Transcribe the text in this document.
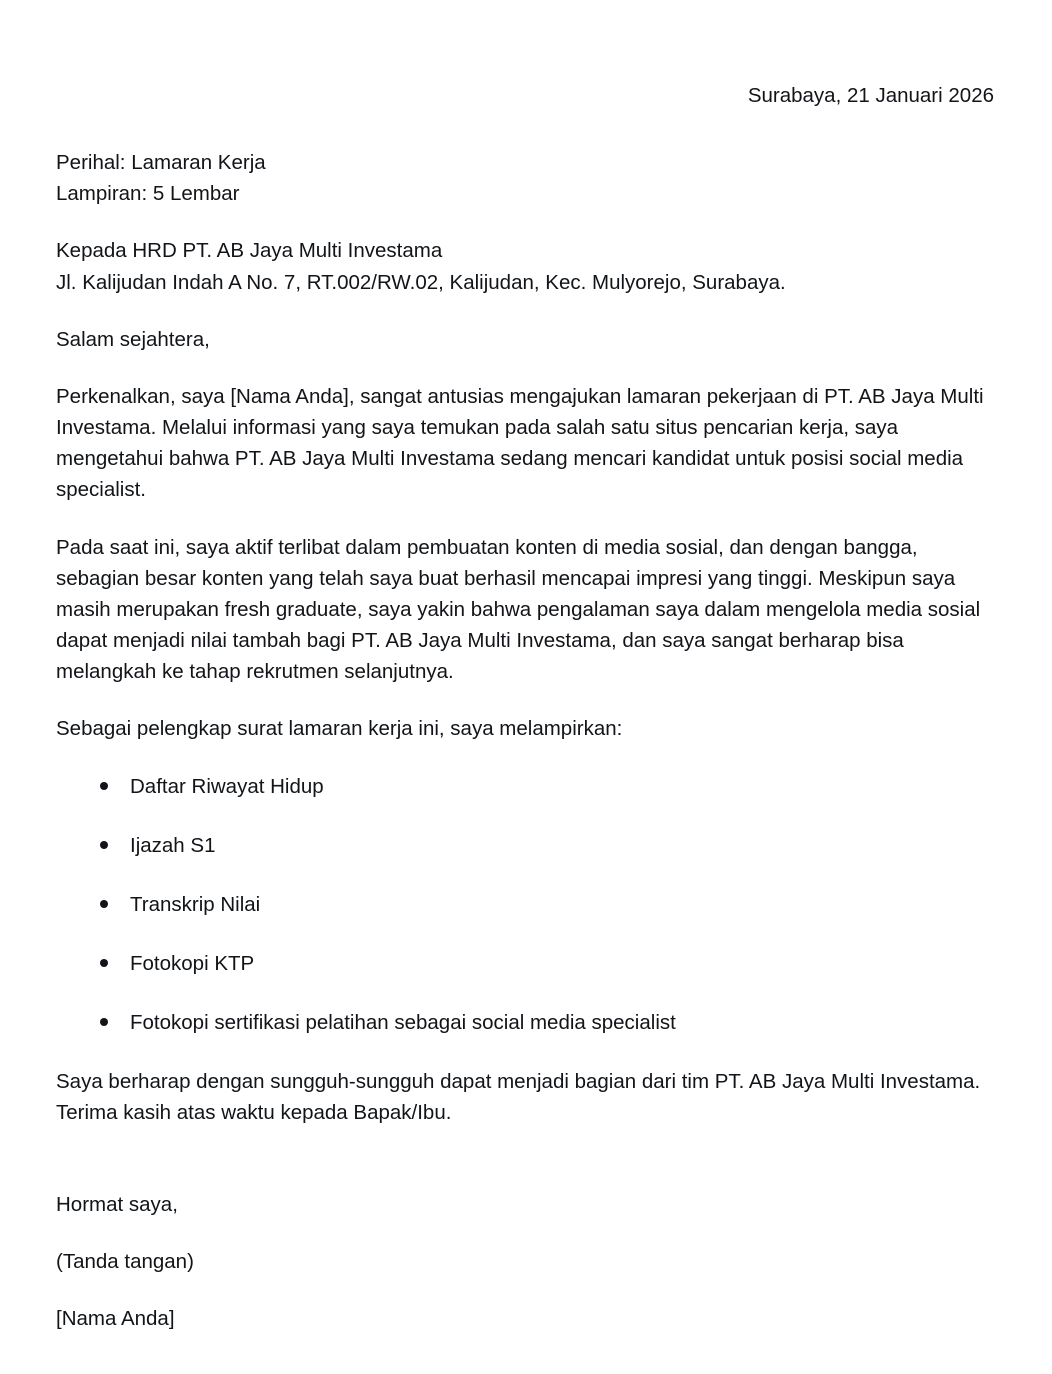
Surabaya, 21 Januari 2026
Perihal: Lamaran Kerja
Lampiran: 5 Lembar
Kepada HRD PT. AB Jaya Multi Investama
Jl. Kalijudan Indah A No. 7, RT.002/RW.02, Kalijudan, Kec. Mulyorejo, Surabaya.

Salam sejahtera,

Perkenalkan, saya [Nama Anda], sangat antusias mengajukan lamaran pekerjaan di PT. AB Jaya Multi Investama. Melalui informasi yang saya temukan pada salah satu situs pencarian kerja, saya mengetahui bahwa PT. AB Jaya Multi Investama sedang mencari kandidat untuk posisi social media specialist.

Pada saat ini, saya aktif terlibat dalam pembuatan konten di media sosial, dan dengan bangga, sebagian besar konten yang telah saya buat berhasil mencapai impresi yang tinggi. Meskipun saya masih merupakan fresh graduate, saya yakin bahwa pengalaman saya dalam mengelola media sosial dapat menjadi nilai tambah bagi PT. AB Jaya Multi Investama, dan saya sangat berharap bisa melangkah ke tahap rekrutmen selanjutnya.

Sebagai pelengkap surat lamaran kerja ini, saya melampirkan:

Daftar Riwayat Hidup
Ijazah S1
Transkrip Nilai
Fotokopi KTP
Fotokopi sertifikasi pelatihan sebagai social media specialist

Saya berharap dengan sungguh-sungguh dapat menjadi bagian dari tim PT. AB Jaya Multi Investama. Terima kasih atas waktu kepada Bapak/Ibu.

Hormat saya,
(Tanda tangan)
[Nama Anda]
